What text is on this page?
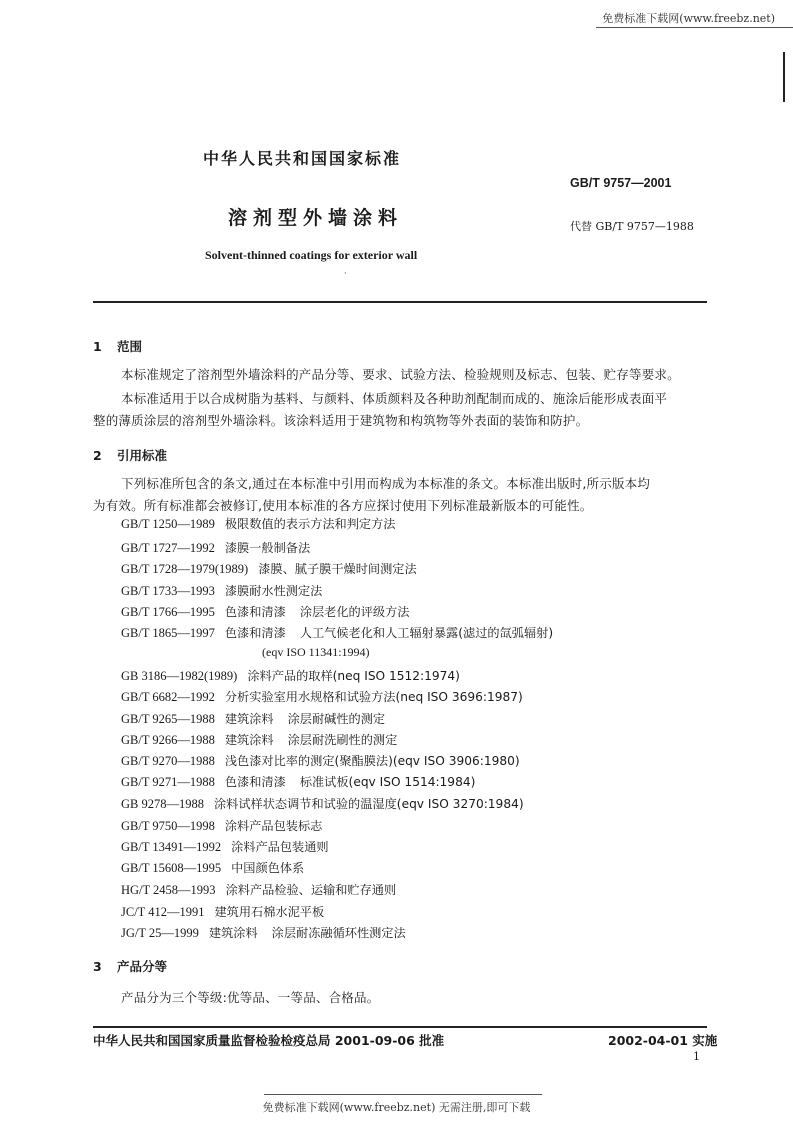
免费标准下载网(www.freebz.net)
中华人民共和国国家标准
GB/T 9757—2001
溶剂型外墙涂料	代替 GB/T 9757—1988
Solvent-thinned coatings for exterior wall
·
1 范围
本标准规定了溶剂型外墙涂料的产品分等、要求、试验方法、检验规则及标志、包装、贮存等要求。
本标准适用于以合成树脂为基料、与颜料、体质颜料及各种助剂配制而成的、施涂后能形成表面平
整的薄质涂层的溶剂型外墙涂料。该涂料适用于建筑物和构筑物等外表面的装饰和防护。
2 引用标准
下列标准所包含的条文,通过在本标准中引用而构成为本标准的条文。本标准出版时,所示版本均
为有效。所有标准都会被修订,使用本标准的各方应探讨使用下列标准最新版本的可能性。
GB/T 1250—1989 极限数值的表示方法和判定方法
GB/T 1727—1992 漆膜一般制备法
GB/T 1728—1979(1989) 漆膜、腻子膜干燥时间测定法
GB/T 1733—1993 漆膜耐水性测定法
GB/T 1766—1995 色漆和清漆 涂层老化的评级方法
GB/T 1865—1997 色漆和清漆 人工气候老化和人工辐射暴露(滤过的氙弧辐射)
GB 3186—1982(1989) 涂料产品的取样(neq ISO 1512:1974)
GB/T 6682—1992 分析实验室用水规格和试验方法(neq ISO 3696:1987)
GB/T 9265—1988 建筑涂料 涂层耐碱性的测定
GB/T 9266—1988 建筑涂料 涂层耐洗刷性的测定
GB/T 9270—1988 浅色漆对比率的测定(聚酯膜法)(eqv ISO 3906:1980)
GB/T 9271—1988 色漆和清漆 标准试板(eqv ISO 1514:1984)
GB 9278—1988 涂料试样状态调节和试验的温湿度(eqv ISO 3270:1984)
GB/T 9750—1998 涂料产品包装标志
GB/T 13491—1992 涂料产品包装通则
GB/T 15608—1995 中国颜色体系
HG/T 2458—1993 涂料产品检验、运输和贮存通则
JC/T 412—1991 建筑用石棉水泥平板
JG/T 25—1999 建筑涂料 涂层耐冻融循环性测定法
(eqv ISO 11341:1994)
3 产品分等
产品分为三个等级:优等品、一等品、合格品。
中华人民共和国国家质量监督检验检疫总局 2001-09-06 批准	2002-04-01 实施
1
免费标准下载网(www.freebz.net) 无需注册,即可下载
